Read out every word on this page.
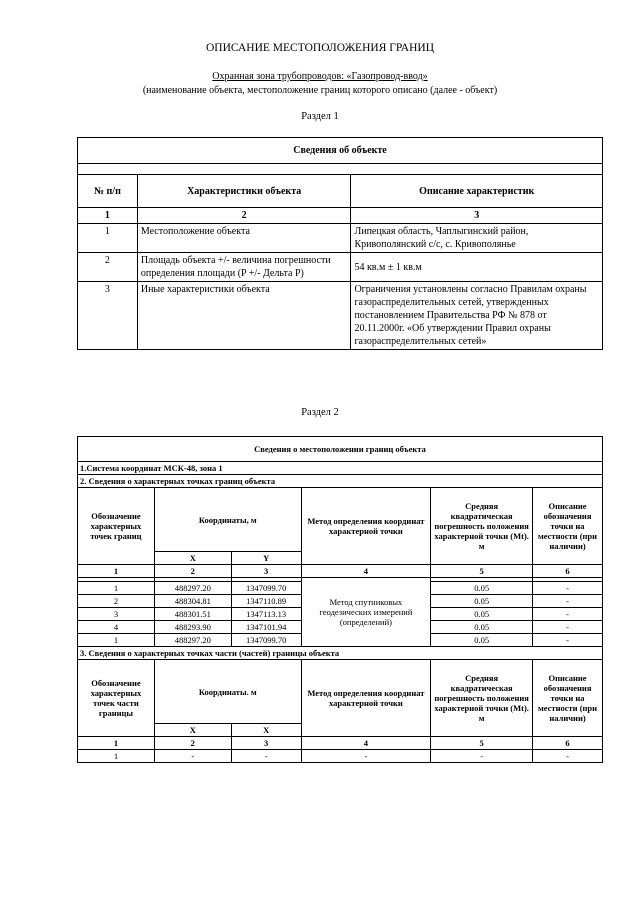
ОПИСАНИЕ МЕСТОПОЛОЖЕНИЯ ГРАНИЦ
Охранная зона трубопроводов: «Газопровод-ввод»
(наименование объекта, местоположение границ которого описано (далее - объект)
Раздел 1
Сведения об объекте		

№ п/п	Характеристики объекта	Описание характеристик
1	2	3
1	Местоположение объекта	Липецкая область, Чаплыгинский район, Кривополянский с/с, с. Кривополянье
2	Площадь объекта +/- величина погрешности определения площади (P +/- Дельта P)	54 кв.м ± 1 кв.м
3	Иные характеристики объекта	Ограничения установлены согласно Правилам охраны газораспределительных сетей, утвержденных постановлением Правительства РФ № 878 от 20.11.2000г. «Об утверждении Правил охраны газораспределительных сетей»
Раздел 2
Сведения о местоположении границ объекта					
1.Система координат МСК-48, зона 1					
2. Сведения о характерных точках границ объекта					
Обозначение характерных точек границ	Координаты, м		Метод определения координат характерной точки	Средняя квадратическая погрешность положения характерной точки (Mt). м	Описание обозначения точки на местности (при наличии)
	X	Y			
1	2	3	4	5	6
			Метод спутниковых геодезических измерений (определений)		
1	488297.20	1347099.70		0.05	-
2	488304.81	1347110.89		0.05	-
3	488301.51	1347113.13		0.05	-
4	488293.90	1347101.94		0.05	-
1	488297.20	1347099.70		0.05	-
3. Сведения о характерных точках части (частей) границы объекта					
Обозначение характерных точек части границы	Координаты. м		Метод определения координат характерной точки	Средняя квадратическая погрешность положения характерной точки (Mt). м	Описание обозначения точки на местности (при наличии)
	X	X			
1	2	3	4	5	6
1	-	-	-	-	-
